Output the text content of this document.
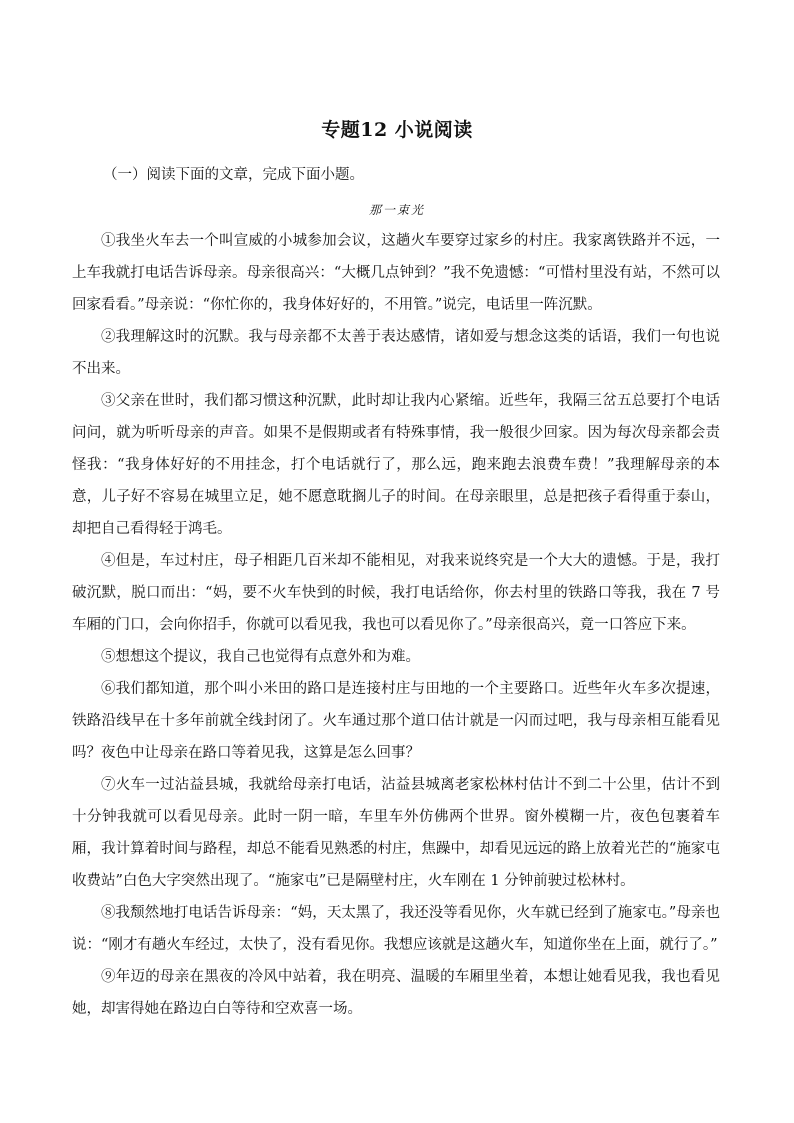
专题12 小说阅读
（一）阅读下面的文章，完成下面小题。
那一束光

①我坐火车去一个叫宣威的小城参加会议，这趟火车要穿过家乡的村庄。我家离铁路并不远，一上车我就打电话告诉母亲。母亲很高兴：“大概几点钟到？”我不免遗憾：“可惜村里没有站，不然可以回家看看。”母亲说：“你忙你的，我身体好好的，不用管。”说完，电话里一阵沉默。

②我理解这时的沉默。我与母亲都不太善于表达感情，诸如爱与想念这类的话语，我们一句也说不出来。

③父亲在世时，我们都习惯这种沉默，此时却让我内心紧缩。近些年，我隔三岔五总要打个电话问问，就为听听母亲的声音。如果不是假期或者有特殊事情，我一般很少回家。因为每次母亲都会责怪我：“我身体好好的不用挂念，打个电话就行了，那么远，跑来跑去浪费车费！”我理解母亲的本意，儿子好不容易在城里立足，她不愿意耽搁儿子的时间。在母亲眼里，总是把孩子看得重于泰山，却把自己看得轻于鸿毛。

④但是，车过村庄，母子相距几百米却不能相见，对我来说终究是一个大大的遗憾。于是，我打破沉默，脱口而出：“妈，要不火车快到的时候，我打电话给你，你去村里的铁路口等我，我在 7 号车厢的门口，会向你招手，你就可以看见我，我也可以看见你了。”母亲很高兴，竟一口答应下来。

⑤想想这个提议，我自己也觉得有点意外和为难。

⑥我们都知道，那个叫小米田的路口是连接村庄与田地的一个主要路口。近些年火车多次提速，铁路沿线早在十多年前就全线封闭了。火车通过那个道口估计就是一闪而过吧，我与母亲相互能看见吗？夜色中让母亲在路口等着见我，这算是怎么回事？

⑦火车一过沾益县城，我就给母亲打电话，沾益县城离老家松林村估计不到二十公里，估计不到十分钟我就可以看见母亲。此时一阴一暗，车里车外仿佛两个世界。窗外模糊一片，夜色包裹着车厢，我计算着时间与路程，却总不能看见熟悉的村庄，焦躁中，却看见远远的路上放着光芒的“施家屯收费站”白色大字突然出现了。“施家屯”已是隔壁村庄，火车刚在 1 分钟前驶过松林村。

⑧我颓然地打电话告诉母亲：“妈，天太黑了，我还没等看见你，火车就已经到了施家屯。”母亲也说：“刚才有趟火车经过，太快了，没有看见你。我想应该就是这趟火车，知道你坐在上面，就行了。”

⑨年迈的母亲在黑夜的冷风中站着，我在明亮、温暖的车厢里坐着，本想让她看见我，我也看见她，却害得她在路边白白等待和空欢喜一场。
